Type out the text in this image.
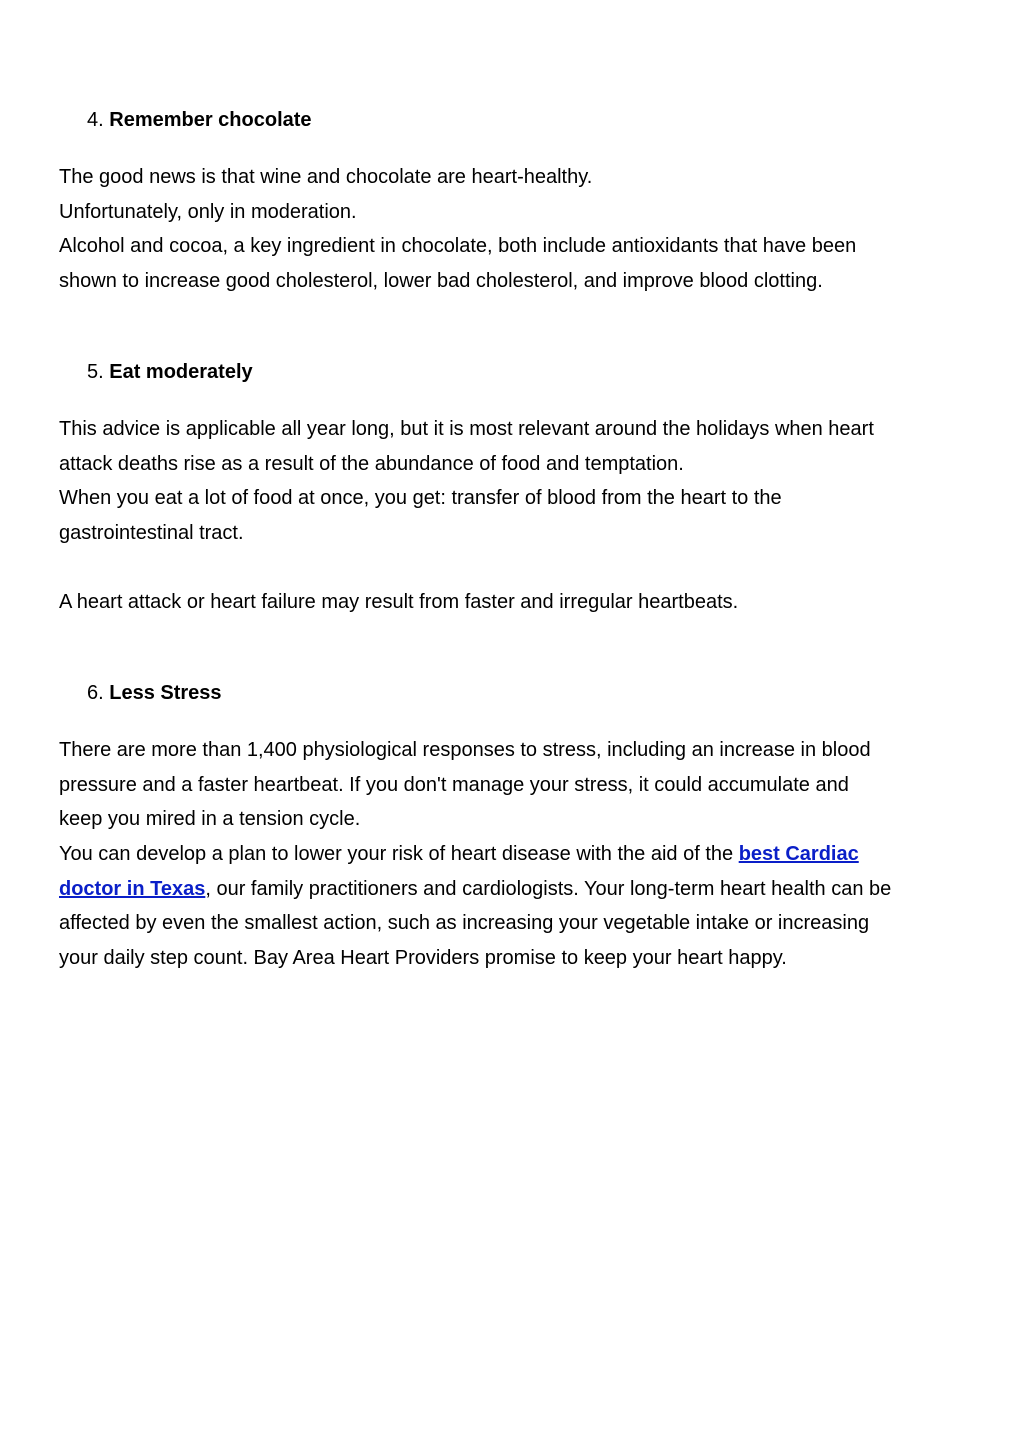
4. Remember chocolate

The good news is that wine and chocolate are heart-healthy.
Unfortunately, only in moderation.
Alcohol and cocoa, a key ingredient in chocolate, both include antioxidants that have been
shown to increase good cholesterol, lower bad cholesterol, and improve blood clotting.

5. Eat moderately

This advice is applicable all year long, but it is most relevant around the holidays when heart
attack deaths rise as a result of the abundance of food and temptation.
When you eat a lot of food at once, you get: transfer of blood from the heart to the
gastrointestinal tract.

A heart attack or heart failure may result from faster and irregular heartbeats.

6. Less Stress

There are more than 1,400 physiological responses to stress, including an increase in blood
pressure and a faster heartbeat. If you don't manage your stress, it could accumulate and
keep you mired in a tension cycle.

You can develop a plan to lower your risk of heart disease with the aid of the best Cardiac
doctor in Texas, our family practitioners and cardiologists. Your long-term heart health can be
affected by even the smallest action, such as increasing your vegetable intake or increasing
your daily step count. Bay Area Heart Providers promise to keep your heart happy.
